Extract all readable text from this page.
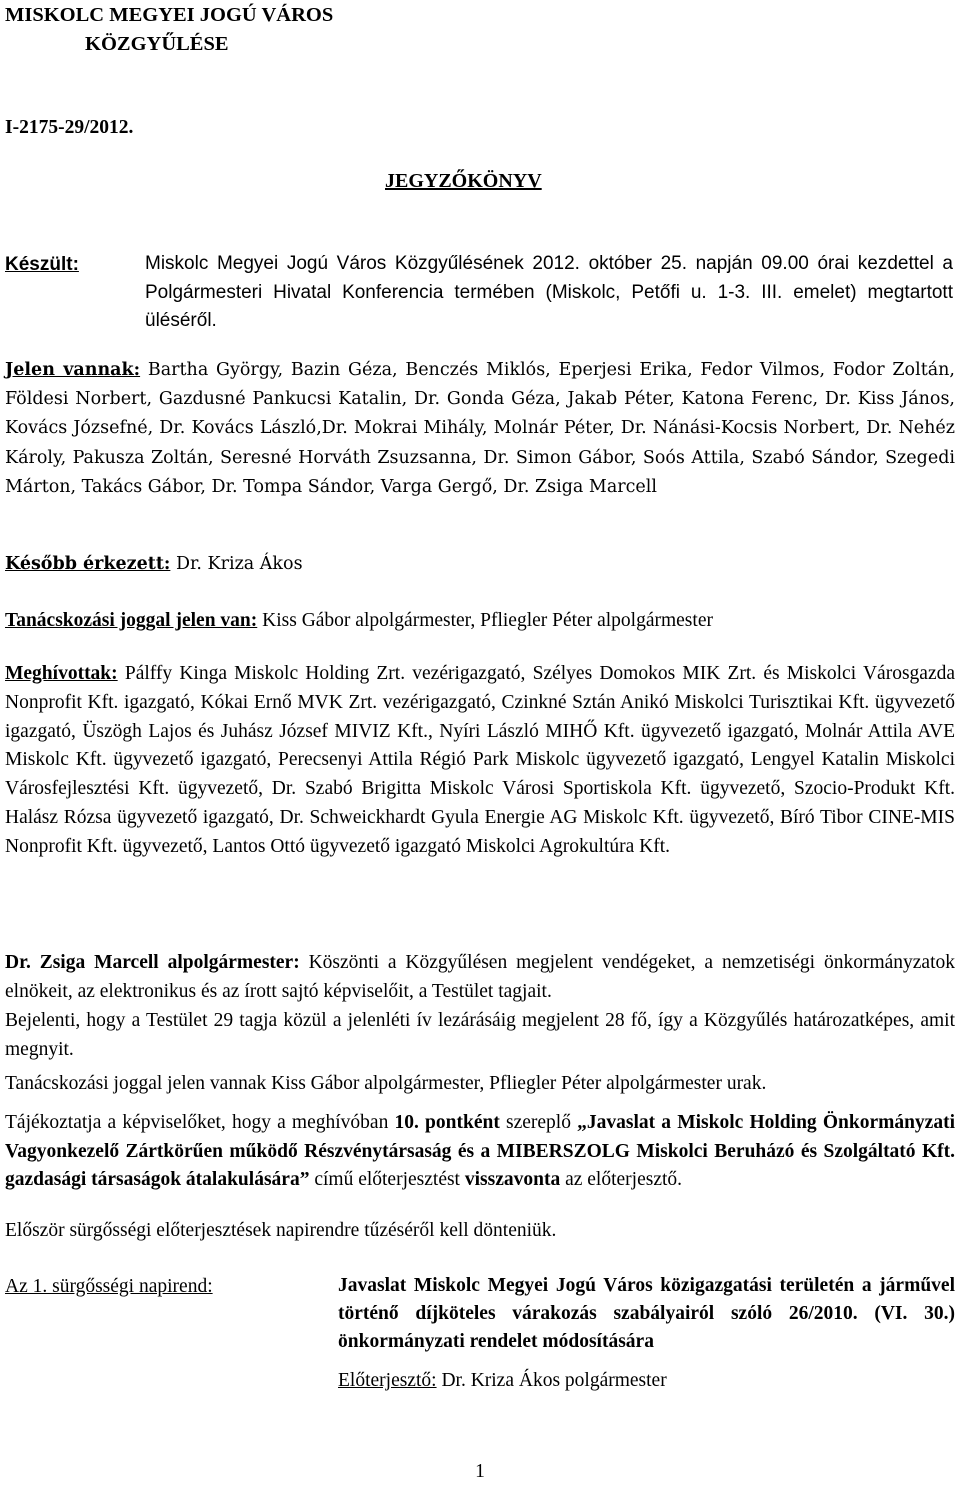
MISKOLC MEGYEI JOGÚ VÁROS
KÖZGYŰLÉSE
I-2175-29/2012.
JEGYZŐKÖNYV
Készült:	Miskolc Megyei Jogú Város Közgyűlésének 2012. október 25. napján 09.00 órai kezdettel a Polgármesteri Hivatal Konferencia termében (Miskolc, Petőfi u. 1-3. III. emelet) megtartott üléséről.
Jelen vannak: Bartha György, Bazin Géza, Benczés Miklós, Eperjesi Erika, Fedor Vilmos, Fodor Zoltán, Földesi Norbert, Gazdusné Pankucsi Katalin, Dr. Gonda Géza, Jakab Péter, Katona Ferenc, Dr. Kiss János, Kovács Józsefné, Dr. Kovács László,Dr. Mokrai Mihály, Molnár Péter, Dr. Nánási-Kocsis Norbert, Dr. Nehéz Károly, Pakusza Zoltán, Seresné Horváth Zsuzsanna, Dr. Simon Gábor, Soós Attila, Szabó Sándor, Szegedi Márton, Takács Gábor, Dr. Tompa Sándor, Varga Gergő, Dr. Zsiga Marcell
Később érkezett: Dr. Kriza Ákos
Tanácskozási joggal jelen van: Kiss Gábor alpolgármester, Pfliegler Péter alpolgármester
Meghívottak: Pálffy Kinga Miskolc Holding Zrt. vezérigazgató, Szélyes Domokos MIK Zrt. és Miskolci Városgazda Nonprofit Kft. igazgató, Kókai Ernő MVK Zrt. vezérigazgató, Czinkné Sztán Anikó Miskolci Turisztikai Kft. ügyvezető igazgató, Üszögh Lajos és Juhász József MIVIZ Kft., Nyíri László MIHŐ Kft. ügyvezető igazgató, Molnár Attila AVE Miskolc Kft. ügyvezető igazgató, Perecsenyi Attila Régió Park Miskolc ügyvezető igazgató, Lengyel Katalin Miskolci Városfejlesztési Kft. ügyvezető, Dr. Szabó Brigitta Miskolc Városi Sportiskola Kft. ügyvezető, Szocio-Produkt Kft. Halász Rózsa ügyvezető igazgató, Dr. Schweickhardt Gyula Energie AG Miskolc Kft. ügyvezető, Bíró Tibor CINE-MIS Nonprofit Kft. ügyvezető, Lantos Ottó ügyvezető igazgató Miskolci Agrokultúra Kft.
Dr. Zsiga Marcell alpolgármester: Köszönti a Közgyűlésen megjelent vendégeket, a nemzetiségi önkormányzatok elnökeit, az elektronikus és az írott sajtó képviselőit, a Testület tagjait.
Bejelenti, hogy a Testület 29 tagja közül a jelenléti ív lezárásáig megjelent 28 fő, így a Közgyűlés határozatképes, amit megnyit.
Tanácskozási joggal jelen vannak Kiss Gábor alpolgármester, Pfliegler Péter alpolgármester urak.
Tájékoztatja a képviselőket, hogy a meghívóban 10. pontként szereplő „Javaslat a Miskolc Holding Önkormányzati Vagyonkezelő Zártkörűen működő Részvénytársaság és a MIBERSZOLG Miskolci Beruházó és Szolgáltató Kft. gazdasági társaságok átalakulására” című előterjesztést visszavonta az előterjesztő.
Először sürgősségi előterjesztések napirendre tűzéséről kell dönteniük.
Az 1. sürgősségi napirend:	Javaslat Miskolc Megyei Jogú Város közigazgatási területén a járművel történő díjköteles várakozás szabályairól szóló 26/2010. (VI. 30.) önkormányzati rendelet módosítására
Előterjesztő: Dr. Kriza Ákos polgármester
1
